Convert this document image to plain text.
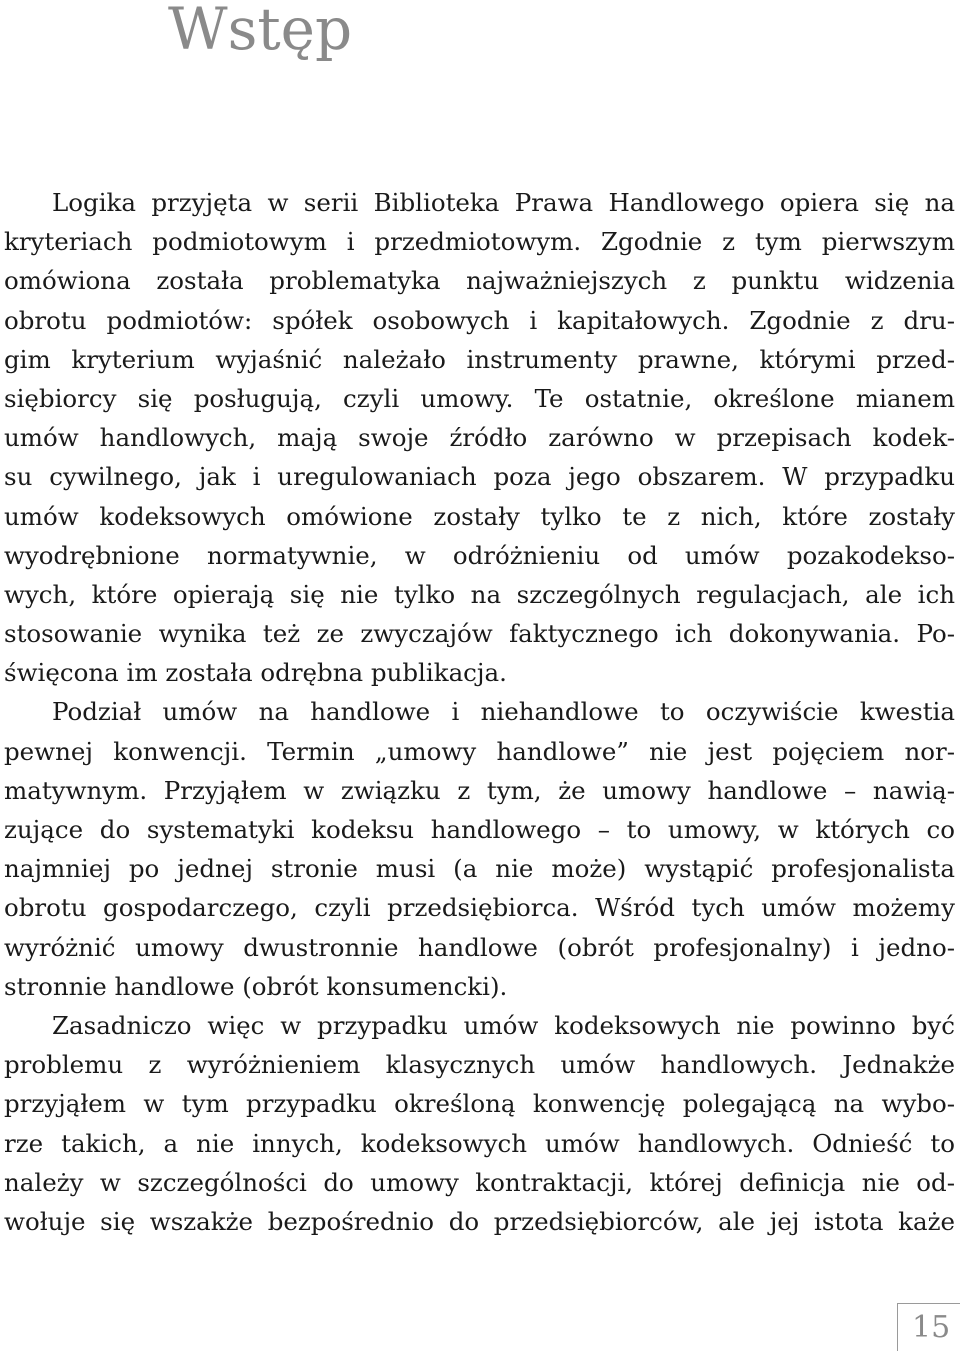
Wstęp
Logika przyjęta w serii Biblioteka Prawa Handlowego opiera się na
kryteriach podmiotowym i przedmiotowym. Zgodnie z tym pierwszym
omówiona została problematyka najważniejszych z punktu widzenia
obrotu podmiotów: spółek osobowych i kapitałowych. Zgodnie z dru-
gim kryterium wyjaśnić należało instrumenty prawne, którymi przed-
siębiorcy się posługują, czyli umowy. Te ostatnie, określone mianem
umów handlowych, mają swoje źródło zarówno w przepisach kodek-
su cywilnego, jak i uregulowaniach poza jego obszarem. W przypadku
umów kodeksowych omówione zostały tylko te z nich, które zostały
wyodrębnione normatywnie, w odróżnieniu od umów pozakodekso-
wych, które opierają się nie tylko na szczególnych regulacjach, ale ich
stosowanie wynika też ze zwyczajów faktycznego ich dokonywania. Po-
święcona im została odrębna publikacja.
Podział umów na handlowe i niehandlowe to oczywiście kwestia
pewnej konwencji. Termin „umowy handlowe” nie jest pojęciem nor-
matywnym. Przyjąłem w związku z tym, że umowy handlowe – nawią-
zujące do systematyki kodeksu handlowego – to umowy, w których co
najmniej po jednej stronie musi (a nie może) wystąpić profesjonalista
obrotu gospodarczego, czyli przedsiębiorca. Wśród tych umów możemy
wyróżnić umowy dwustronnie handlowe (obrót profesjonalny) i jedno-
stronnie handlowe (obrót konsumencki).
Zasadniczo więc w przypadku umów kodeksowych nie powinno być
problemu z wyróżnieniem klasycznych umów handlowych. Jednakże
przyjąłem w tym przypadku określoną konwencję polegającą na wybo-
rze takich, a nie innych, kodeksowych umów handlowych. Odnieść to
należy w szczególności do umowy kontraktacji, której definicja nie od-
wołuje się wszakże bezpośrednio do przedsiębiorców, ale jej istota każe
15
